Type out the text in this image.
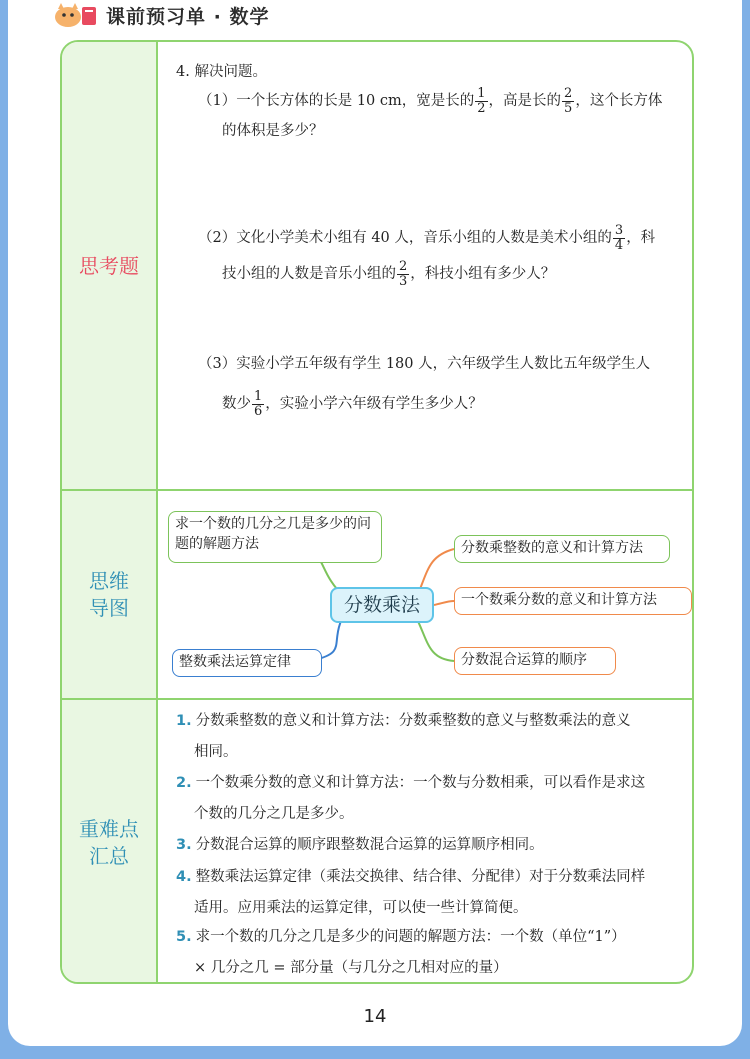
课前预习单 · 数学
思考题
思维
导图
重难点
汇总
4. 解决问题。
（1）一个长方体的长是 10 cm，宽是长的 $\frac{1}{2}$ ，高是长的 $\frac{2}{5}$ ，这个长方体
的体积是多少？
（2）文化小学美术小组有 40 人，音乐小组的人数是美术小组的 $\frac{3}{4}$ ，科
技小组的人数是音乐小组的 $\frac{2}{3}$ ，科技小组有多少人？
（3）实验小学五年级有学生 180 人，六年级学生人数比五年级学生人
数少 $\frac{1}{6}$ ，实验小学六年级有学生多少人？
求一个数的几分之几是多少的问题的解题方法
整数乘法运算定律
分数乘法
分数乘整数的意义和计算方法
一个数乘分数的意义和计算方法
分数混合运算的顺序
1. 分数乘整数的意义和计算方法：分数乘整数的意义与整数乘法的意义
相同。
2. 一个数乘分数的意义和计算方法：一个数与分数相乘，可以看作是求这
个数的几分之几是多少。
3. 分数混合运算的顺序跟整数混合运算的运算顺序相同。
4. 整数乘法运算定律（乘法交换律、结合律、分配律）对于分数乘法同样
适用。应用乘法的运算定律，可以使一些计算简便。
5. 求一个数的几分之几是多少的问题的解题方法：一个数（单位“1”）
× 几分之几 = 部分量（与几分之几相对应的量）
14
